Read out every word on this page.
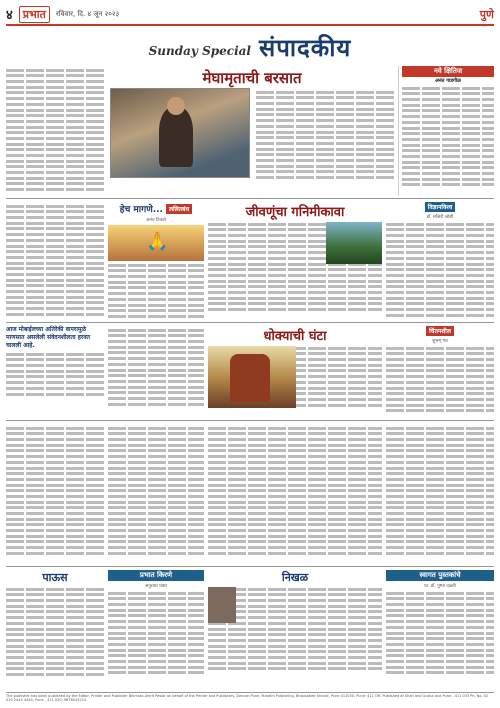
४ प्रभात	रविवार, दि. ४ जून २०२३	पुणे
Sunday Special संपादकीय
मेघामृताची बरसात	नवे क्षितिज
अनंत गाडगीळ
हेच मागणे...	ललितबंध
अनंत टिकले
🙏
जीवणूंचा गनिमीकावा	विज्ञानविश्‍व
डॉ. मंजिरी जोशी
आज मोबाईलच्या अतिरेकी वापरामुळे माणसात असलेली संवेदनशीलता हरवत चालली आहे.
धोक्याची घंटा	चिंतनशील
शुभम्‌ गंध
पाऊस	प्रभात किरणे
अनुराधा पवार
निखळ	स्वागत पुस्तकांचे
प्रा. डॉ. पुष्पा दळवी
The publisher has been published by the Editor, Printer and Publisher Bhimrao Amrit Pawar on behalf of the Printer and Publishers, Deccan Pune, Marathi Publishing, Bhausaheb Shirole, Pune 411030. Pune: 411 Off. Published at Shah and Gusha and Pune - 411 033 Ph. No. 02 020 2444 4444; Pune - 411 030; 9876543210.
